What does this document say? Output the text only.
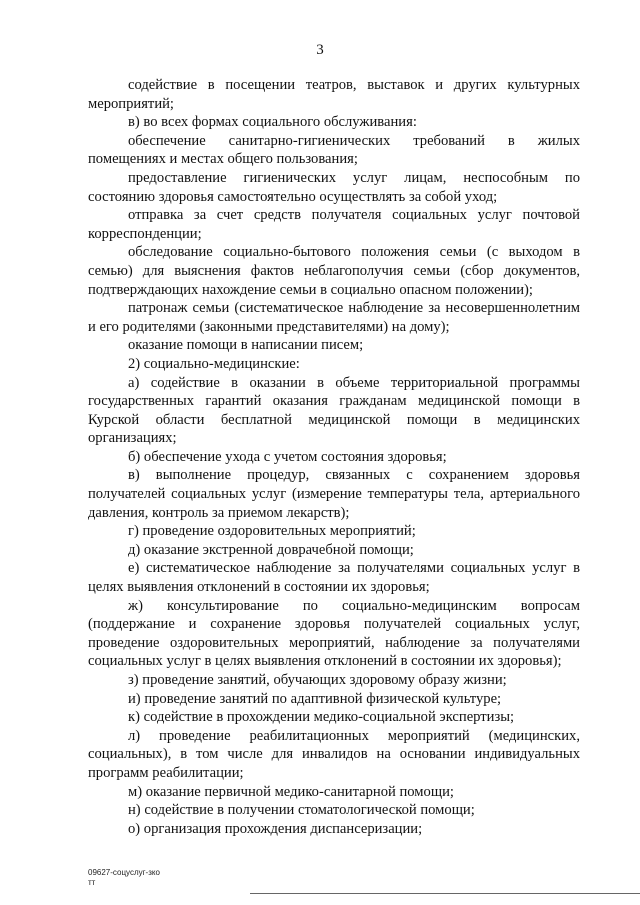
3

содействие в посещении театров, выставок и других культурных мероприятий;

в) во всех формах социального обслуживания:

обеспечение санитарно-гигиенических требований в жилых помещениях и местах общего пользования;

предоставление гигиенических услуг лицам, неспособным по состоянию здоровья самостоятельно осуществлять за собой уход;

отправка за счет средств получателя социальных услуг почтовой корреспонденции;

обследование социально-бытового положения семьи (с выходом в семью) для выяснения фактов неблагополучия семьи (сбор документов, подтверждающих нахождение семьи в социально опасном положении);

патронаж семьи (систематическое наблюдение за несовершеннолетним и его родителями (законными представителями) на дому);

оказание помощи в написании писем;

2) социально-медицинские:

а) содействие в оказании в объеме территориальной программы государственных гарантий оказания гражданам медицинской помощи в Курской области бесплатной медицинской помощи в медицинских организациях;

б) обеспечение ухода с учетом состояния здоровья;

в) выполнение процедур, связанных с сохранением здоровья получателей социальных услуг (измерение температуры тела, артериального давления, контроль за приемом лекарств);

г) проведение оздоровительных мероприятий;

д) оказание экстренной доврачебной помощи;

е) систематическое наблюдение за получателями социальных услуг в целях выявления отклонений в состоянии их здоровья;

ж) консультирование по социально-медицинским вопросам (поддержание и сохранение здоровья получателей социальных услуг, проведение оздоровительных мероприятий, наблюдение за получателями социальных услуг в целях выявления отклонений в состоянии их здоровья);

з) проведение занятий, обучающих здоровому образу жизни;

и) проведение занятий по адаптивной физической культуре;

к) содействие в прохождении медико-социальной экспертизы;

л) проведение реабилитационных мероприятий (медицинских, социальных), в том числе для инвалидов на основании индивидуальных программ реабилитации;

м) оказание первичной медико-санитарной помощи;

н) содействие в получении стоматологической помощи;

о) организация прохождения диспансеризации;

09627-соцуслуг-зко
тт
